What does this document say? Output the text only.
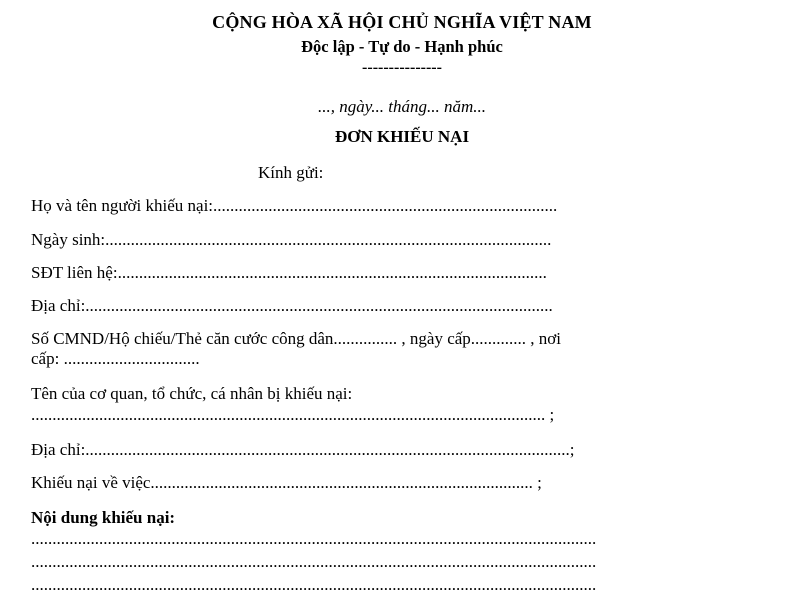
CỘNG HÒA XÃ HỘI CHỦ NGHĨA VIỆT NAM
Độc lập - Tự do - Hạnh phúc
---------------
..., ngày... tháng... năm...
ĐƠN KHIẾU NẠI
Kính gửi:
Họ và tên người khiếu nại:.................................................................................
Ngày sinh:.........................................................................................................
SĐT liên hệ:.....................................................................................................
Địa chỉ:..............................................................................................................
Số CMND/Hộ chiếu/Thẻ căn cước công dân............... , ngày cấp............. , nơi
cấp: ................................
Tên của cơ quan, tổ chức, cá nhân bị khiếu nại:
......................................................................................................................... ;
Địa chỉ:..................................................................................................................;
Khiếu nại về việc.......................................................................................... ;
Nội dung khiếu nại:
.....................................................................................................................................
.....................................................................................................................................
.....................................................................................................................................
